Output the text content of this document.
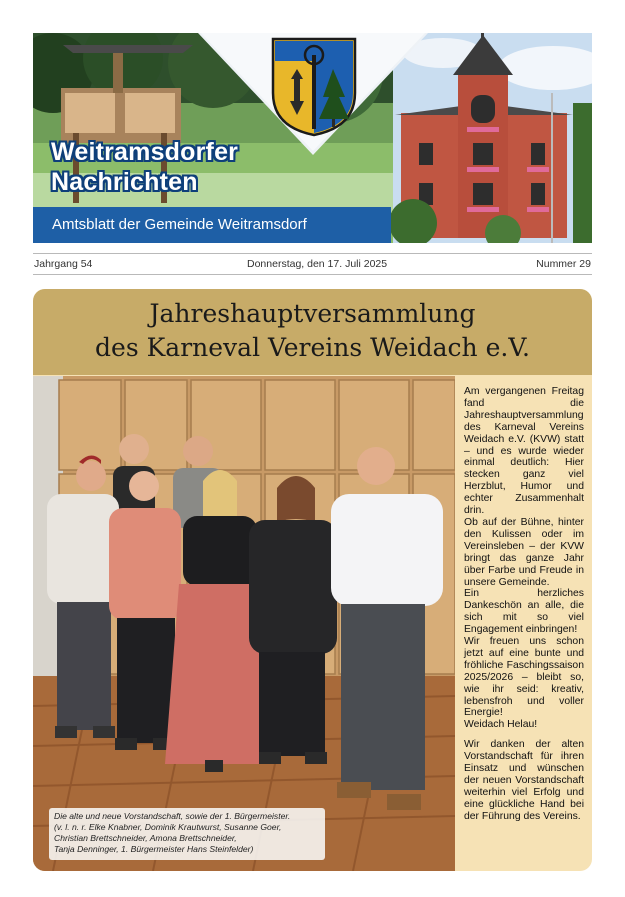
Weitramsdorfer
Nachrichten
Amtsblatt der Gemeinde Weitramsdorf
Jahrgang 54	Donnerstag, den 17. Juli 2025	Nummer 29
Jahreshauptversammlung
des Karneval Vereins Weidach e.V.
Die alte und neue Vorstandschaft, sowie der 1. Bürgermeister.
(v. l. n. r. Elke Knabner, Dominik Krautwurst, Susanne Goer,
Christian Brettschneider, Amona Brettschneider,
Tanja Denninger, 1. Bürgermeister Hans Steinfelder)

Am vergangenen Freitag fand die Jahreshauptversammlung des Karneval Vereins Weidach e.V. (KVW) statt – und es wurde wieder einmal deutlich: Hier stecken ganz viel Herzblut, Humor und echter Zusammenhalt drin.

Ob auf der Bühne, hinter den Kulissen oder im Vereinsleben – der KVW bringt das ganze Jahr über Farbe und Freude in unsere Gemeinde.

Ein herzliches Dankeschön an alle, die sich mit so viel Engagement einbringen!

Wir freuen uns schon jetzt auf eine bunte und fröhliche Faschingssaison 2025/2026 – bleibt so, wie ihr seid: kreativ, lebensfroh und voller Energie!

Weidach Helau!

Wir danken der alten Vorstandschaft für ihren Einsatz und wünschen der neuen Vorstandschaft weiterhin viel Erfolg und eine glückliche Hand bei der Führung des Vereins.
